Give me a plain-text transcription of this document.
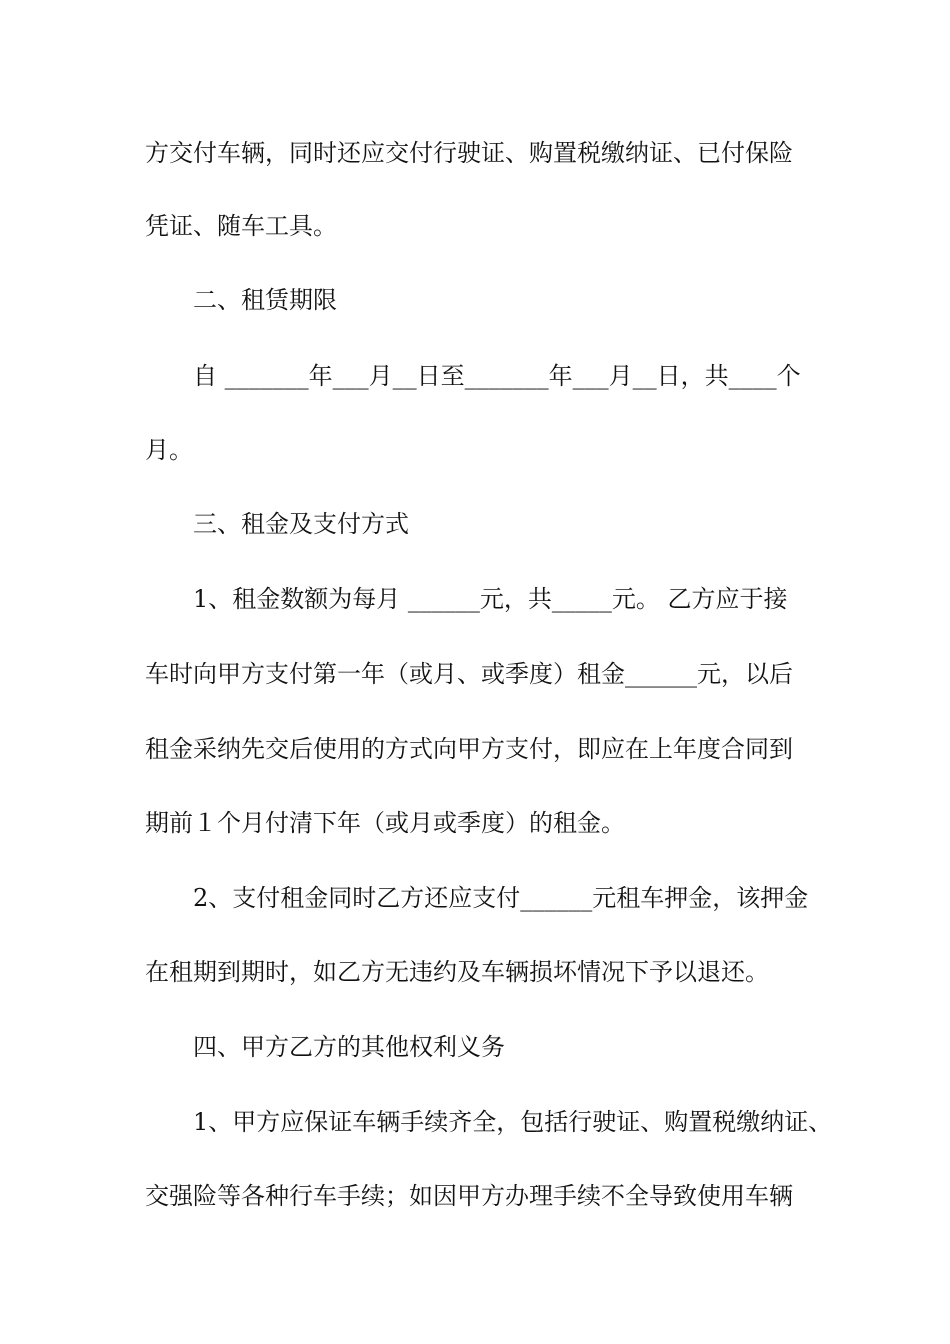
方交付车辆，同时还应交付行驶证、购置税缴纳证、已付保险
凭证、随车工具。
二、租赁期限
自 _______年___月__日至_______年___月__日，共____个
月。
三、租金及支付方式
1、租金数额为每月 ______元，共_____元。 乙方应于接
车时向甲方支付第一年（或月、或季度）租金______元，以后
租金采纳先交后使用的方式向甲方支付，即应在上年度合同到
期前１个月付清下年（或月或季度）的租金。
2、支付租金同时乙方还应支付______元租车押金，该押金
在租期到期时，如乙方无违约及车辆损坏情况下予以退还。
四、甲方乙方的其他权利义务
1、甲方应保证车辆手续齐全，包括行驶证、购置税缴纳证、
交强险等各种行车手续；如因甲方办理手续不全导致使用车辆
